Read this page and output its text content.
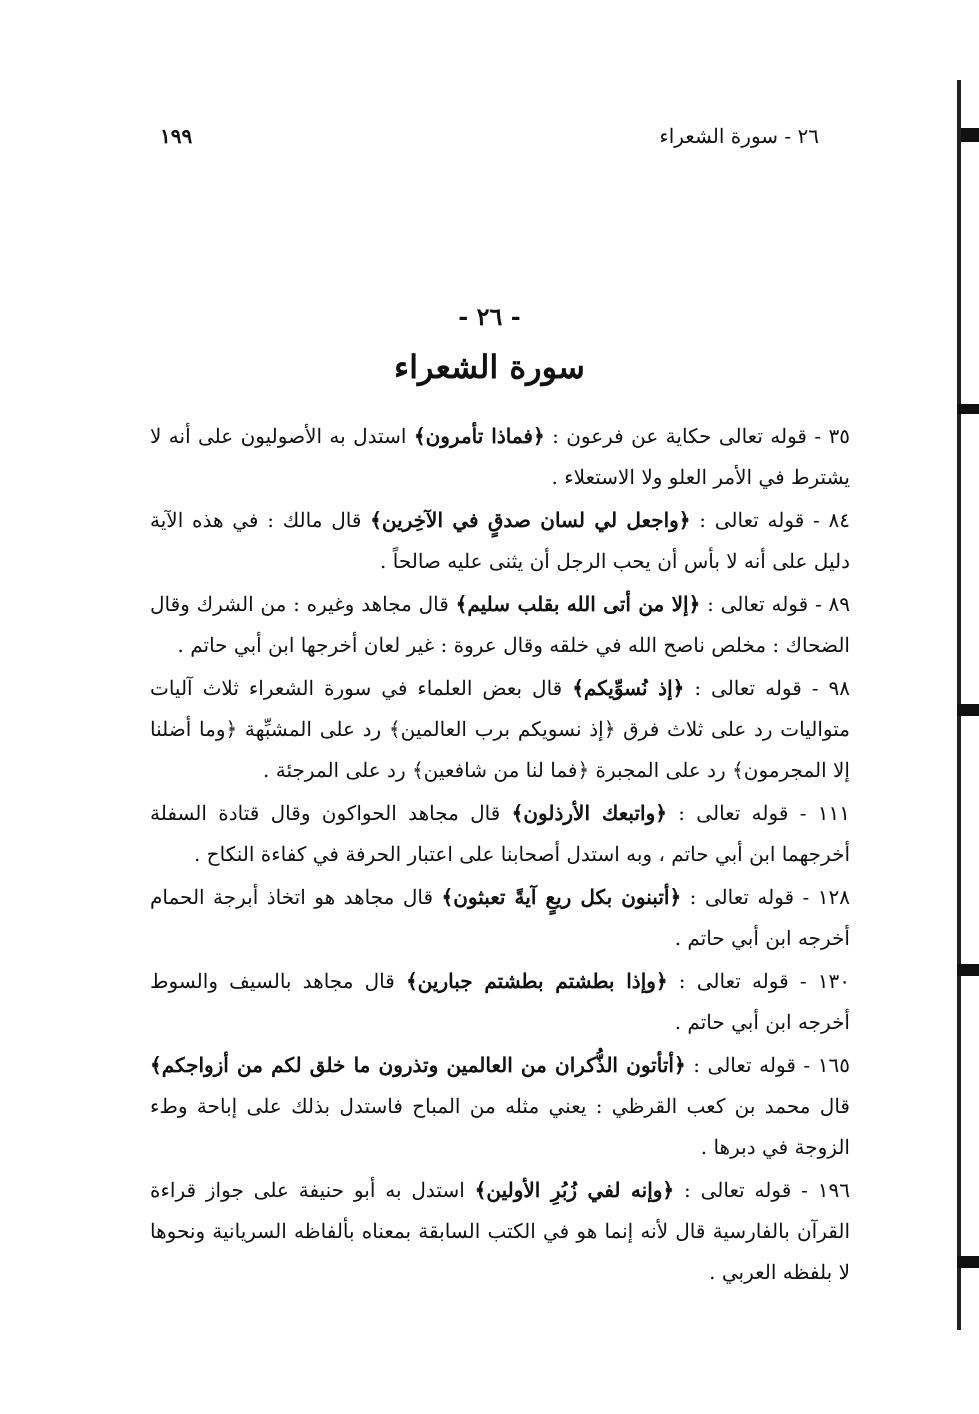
٢٦ - سورة الشعراء
١٩٩
- ٢٦ -
سورة الشعراء

٣٥ - قوله تعالى حكاية عن فرعون : ﴿فماذا تأمرون﴾ استدل به الأصوليون على أنه لا يشترط في الأمر العلو ولا الاستعلاء .

٨٤ - قوله تعالى : ﴿واجعل لي لسان صدقٍ في الآخِرين﴾ قال مالك : في هذه الآية دليل على أنه لا بأس أن يحب الرجل أن يثنى عليه صالحاً .

٨٩ - قوله تعالى : ﴿إلا من أتى الله بقلب سليم﴾ قال مجاهد وغيره : من الشرك وقال الضحاك : مخلص ناصح الله في خلقه وقال عروة : غير لعان أخرجها ابن أبي حاتم .

٩٨ - قوله تعالى : ﴿إذ نُسوِّيكم﴾ قال بعض العلماء في سورة الشعراء ثلاث آليات متواليات رد على ثلاث فرق ﴿إذ نسويكم برب العالمين﴾ رد على المشبِّهة ﴿وما أضلنا إلا المجرمون﴾ رد على المجبرة ﴿فما لنا من شافعين﴾ رد على المرجئة .

١١١ - قوله تعالى : ﴿واتبعك الأرذلون﴾ قال مجاهد الحواكون وقال قتادة السفلة أخرجهما ابن أبي حاتم ، وبه استدل أصحابنا على اعتبار الحرفة في كفاءة النكاح .

١٢٨ - قوله تعالى : ﴿أتبنون بكل ريعٍ آيةً تعبثون﴾ قال مجاهد هو اتخاذ أبرجة الحمام أخرجه ابن أبي حاتم .

١٣٠ - قوله تعالى : ﴿وإذا بطشتم بطشتم جبارين﴾ قال مجاهد بالسيف والسوط أخرجه ابن أبي حاتم .

١٦٥ - قوله تعالى : ﴿أتأتون الذُّكران من العالمين وتذرون ما خلق لكم من أزواجكم﴾ قال محمد بن كعب القرظي : يعني مثله من المباح فاستدل بذلك على إباحة وطء الزوجة في دبرها .

١٩٦ - قوله تعالى : ﴿وإنه لفي زُبُرِ الأولين﴾ استدل به أبو حنيفة على جواز قراءة القرآن بالفارسية قال لأنه إنما هو في الكتب السابقة بمعناه بألفاظه السريانية ونحوها لا بلفظه العربي .
